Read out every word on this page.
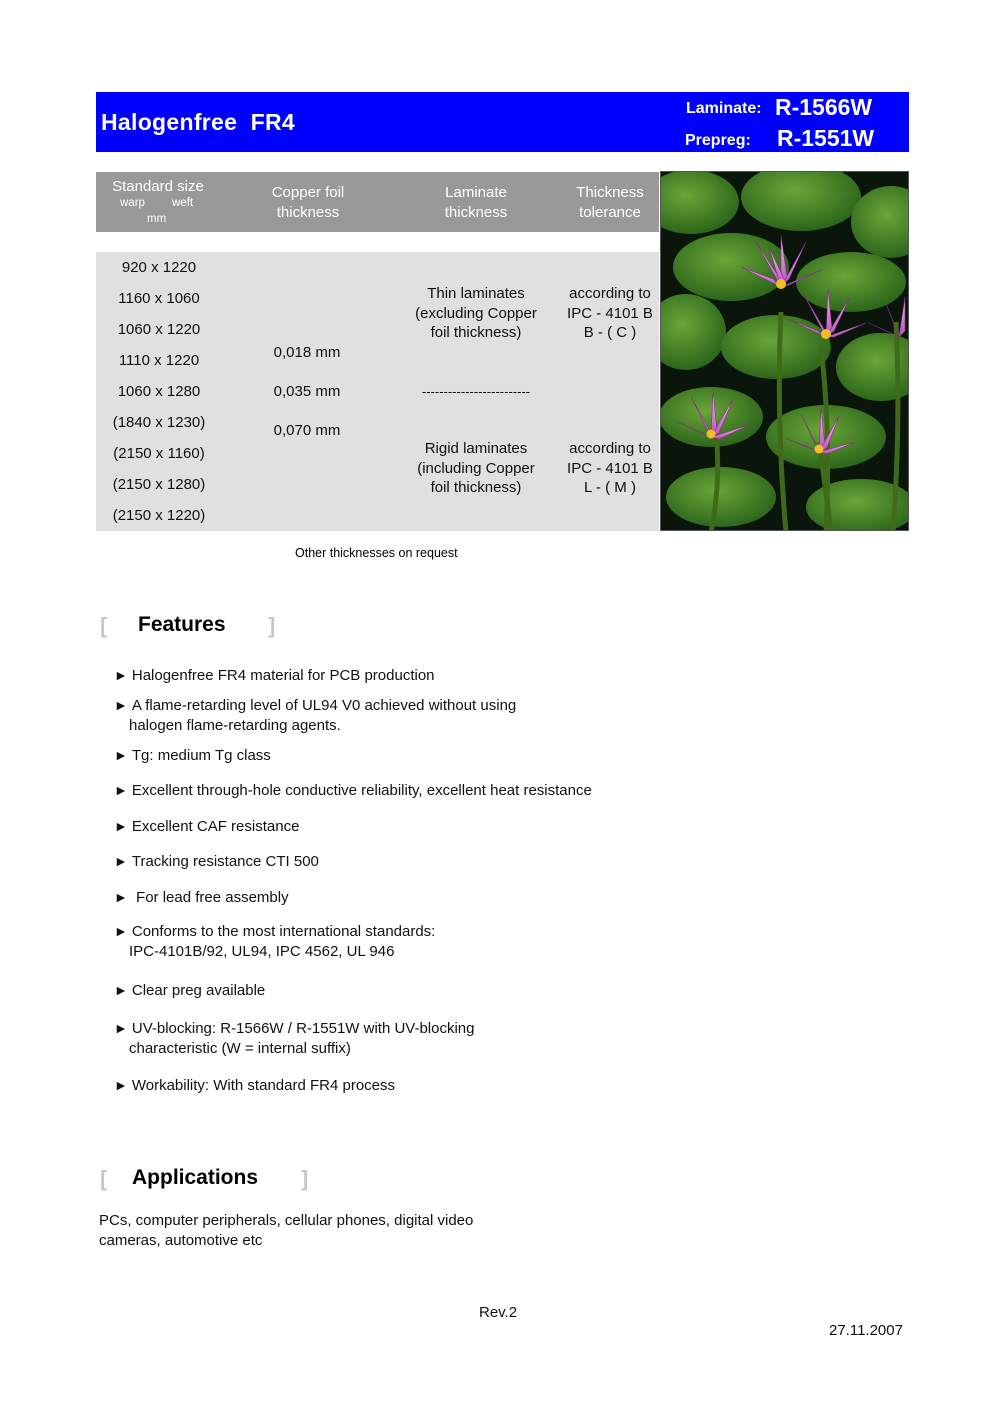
Halogenfree  FR4
Laminate: R-1566W
Prepreg: R-1551W
Standard size
warp weft
mm
Copper foil
thickness
Laminate
thickness
Thickness
tolerance
920 x 1220
1160 x 1060
1060 x 1220
1110 x 1220
1060 x 1280
(1840 x 1230)
(2150 x 1160)
(2150 x 1280)
(2150 x 1220)
0,018 mm
0,035 mm
0,070 mm
Thin laminates
(excluding Copper
foil thickness)
-------------------------
Rigid laminates
(including Copper
foil thickness)
according to
IPC - 4101 B
B - ( C )
according to
IPC - 4101 B
L - ( M )
Other thicknesses on request
[ Features ]
► Halogenfree FR4 material for PCB production
► A flame-retarding level of UL94 V0 achieved without using
halogen flame-retarding agents.
► Tg: medium Tg class
► Excellent through-hole conductive reliability, excellent heat resistance
► Excellent CAF resistance
► Tracking resistance CTI 500
► For lead free assembly
► Conforms to the most international standards:
IPC-4101B/92, UL94, IPC 4562, UL 946
► Clear preg available
► UV-blocking: R-1566W / R-1551W with UV-blocking
characteristic (W = internal suffix)
► Workability: With standard FR4 process
[ Applications ]
PCs, computer peripherals, cellular phones, digital video
cameras, automotive etc
Rev.2
27.11.2007
